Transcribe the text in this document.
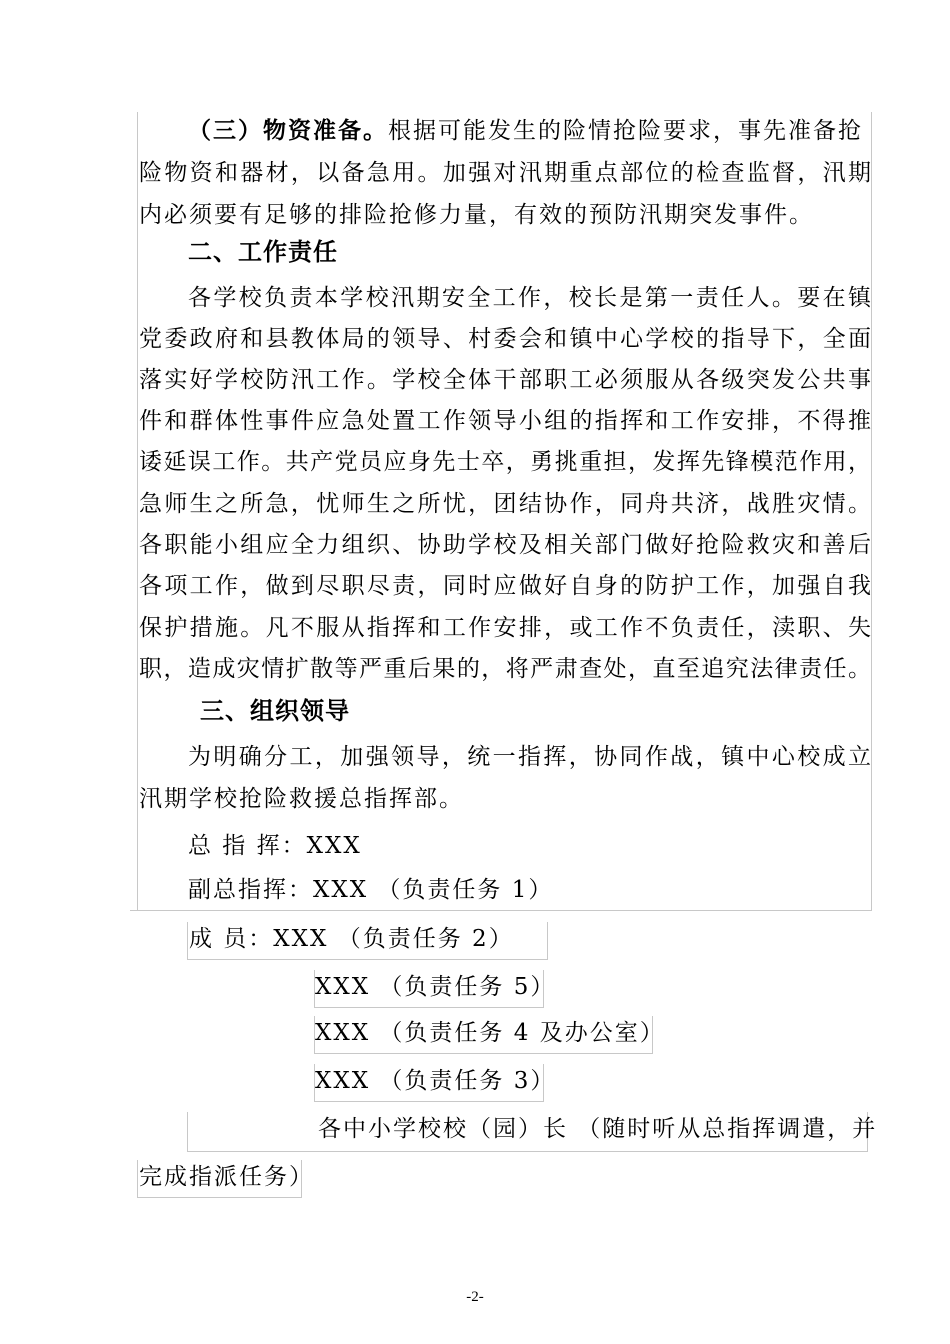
（三）物资准备。根据可能发生的险情抢险要求，事先准备抢
险物资和器材，以备急用。加强对汛期重点部位的检查监督，汛期
内必须要有足够的排险抢修力量，有效的预防汛期突发事件。
二、工作责任
各学校负责本学校汛期安全工作，校长是第一责任人。要在镇
党委政府和县教体局的领导、村委会和镇中心学校的指导下，全面
落实好学校防汛工作。学校全体干部职工必须服从各级突发公共事
件和群体性事件应急处置工作领导小组的指挥和工作安排，不得推
诿延误工作。共产党员应身先士卒，勇挑重担，发挥先锋模范作用，
急师生之所急，忧师生之所忧，团结协作，同舟共济，战胜灾情。
各职能小组应全力组织、协助学校及相关部门做好抢险救灾和善后
各项工作，做到尽职尽责，同时应做好自身的防护工作，加强自我
保护措施。凡不服从指挥和工作安排，或工作不负责任，渎职、失
职，造成灾情扩散等严重后果的，将严肃查处，直至追究法律责任。
三、组织领导
为明确分工，加强领导，统一指挥，协同作战，镇中心校成立
汛期学校抢险救援总指挥部。
总 指 挥：XXX
副总指挥：XXX （负责任务 1）
成 员：XXX （负责任务 2）
XXX （负责任务 5）
XXX （负责任务 4 及办公室）
XXX （负责任务 3）
各中小学校校（园）长 （随时听从总指挥调遣，并
完成指派任务）
-2-
